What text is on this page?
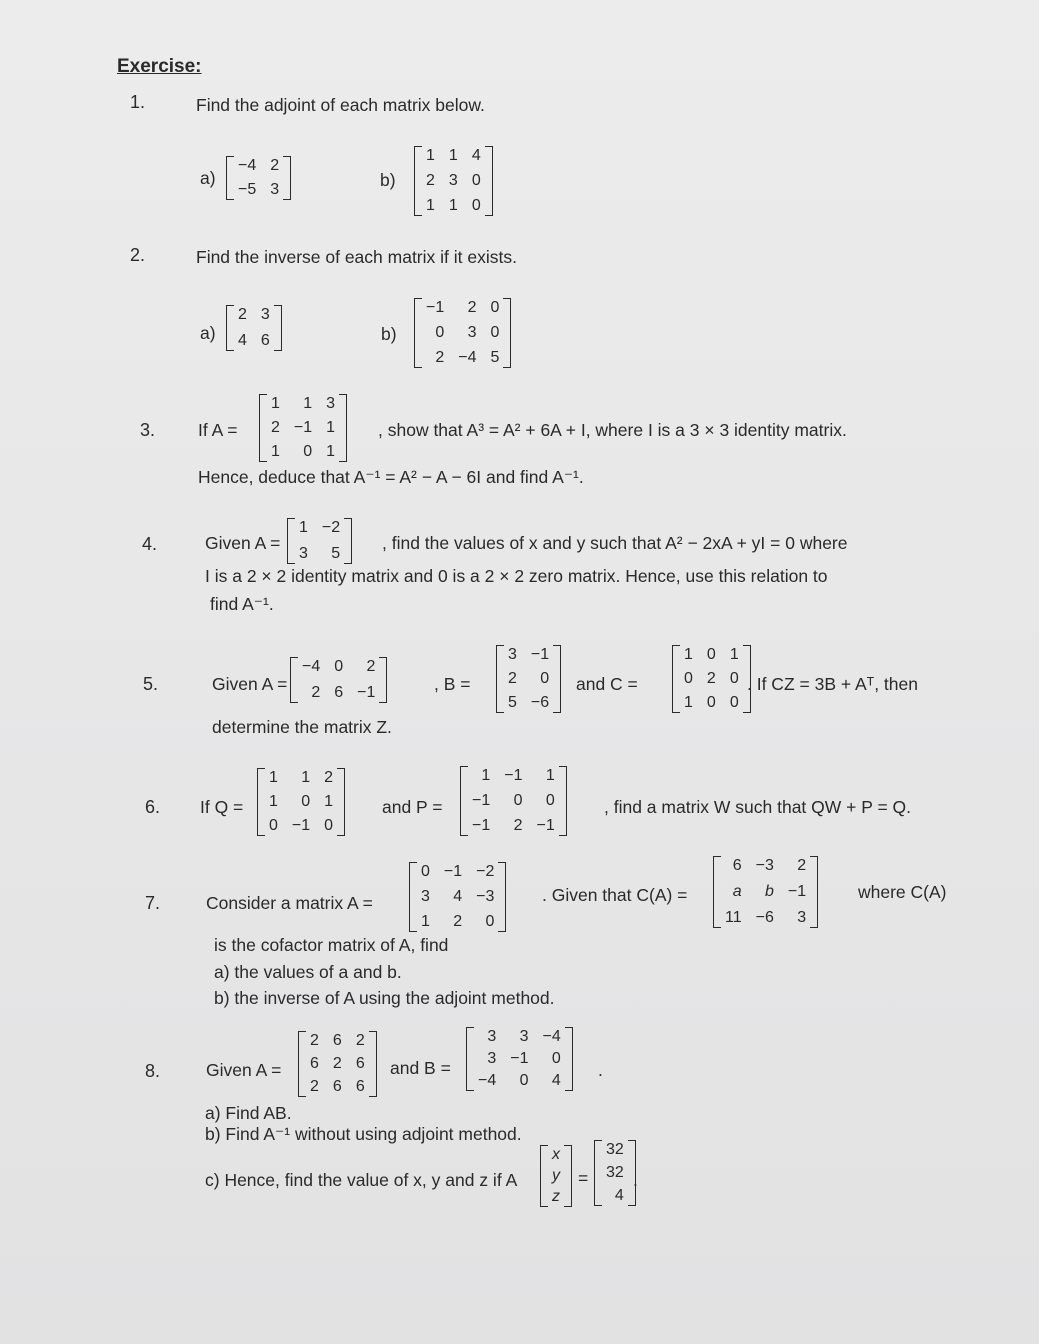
Exercise:
1.	Find the adjoint of each matrix below.
a)
−4 2
−5 3	b)
1 1 4
2 3 0
1 1 0
2.	Find the inverse of each matrix if it exists.
a)
2 3
4 6	b)
−1	2 0
0	3 0
2 −4 5
3. If A =
1	1 3
2 −1 1
1	0 1
, show that A³ = A² + 6A + I, where I is a 3 × 3 identity matrix.
Hence, deduce that A⁻¹ = A² − A − 6I and find A⁻¹.
4.	Given A =
1 −2
3	5
, find the values of x and y such that A² − 2xA + yI = 0 where
I is a 2 × 2 identity matrix and 0 is a 2 × 2 zero matrix. Hence, use this relation to
find A⁻¹.
5.	Given A =
−4 0	2
2 6 −1	, B =
3 −1
2	0
5 −6
and C =
1 0 1
0 2 0
1 0 0
. If CZ = 3B + Aᵀ, then
determine the matrix Z.
6. If Q =
1	1 2
1	0 1
0 −1 0
and P =
1 −1	1
−1	0	0
−1	2 −1
, find a matrix W such that QW + P = Q.
7.	Consider a matrix A =
0 −1 −2
3	4 −3
1	2	0
. Given that C(A) =
6 −3	2
a	b −1
11 −6	3
where C(A)
is the cofactor matrix of A, find
a) the values of a and b.
b) the inverse of A using the adjoint method.
8.	Given A =
2 6 2
6 2 6
2 6 6
and B =
3	3 −4
3 −1	0
−4	0	4
.
a) Find AB.
b) Find A⁻¹ without using adjoint method.
c) Hence, find the value of x, y and z if A
x
y
z
=
32
32
4
.
